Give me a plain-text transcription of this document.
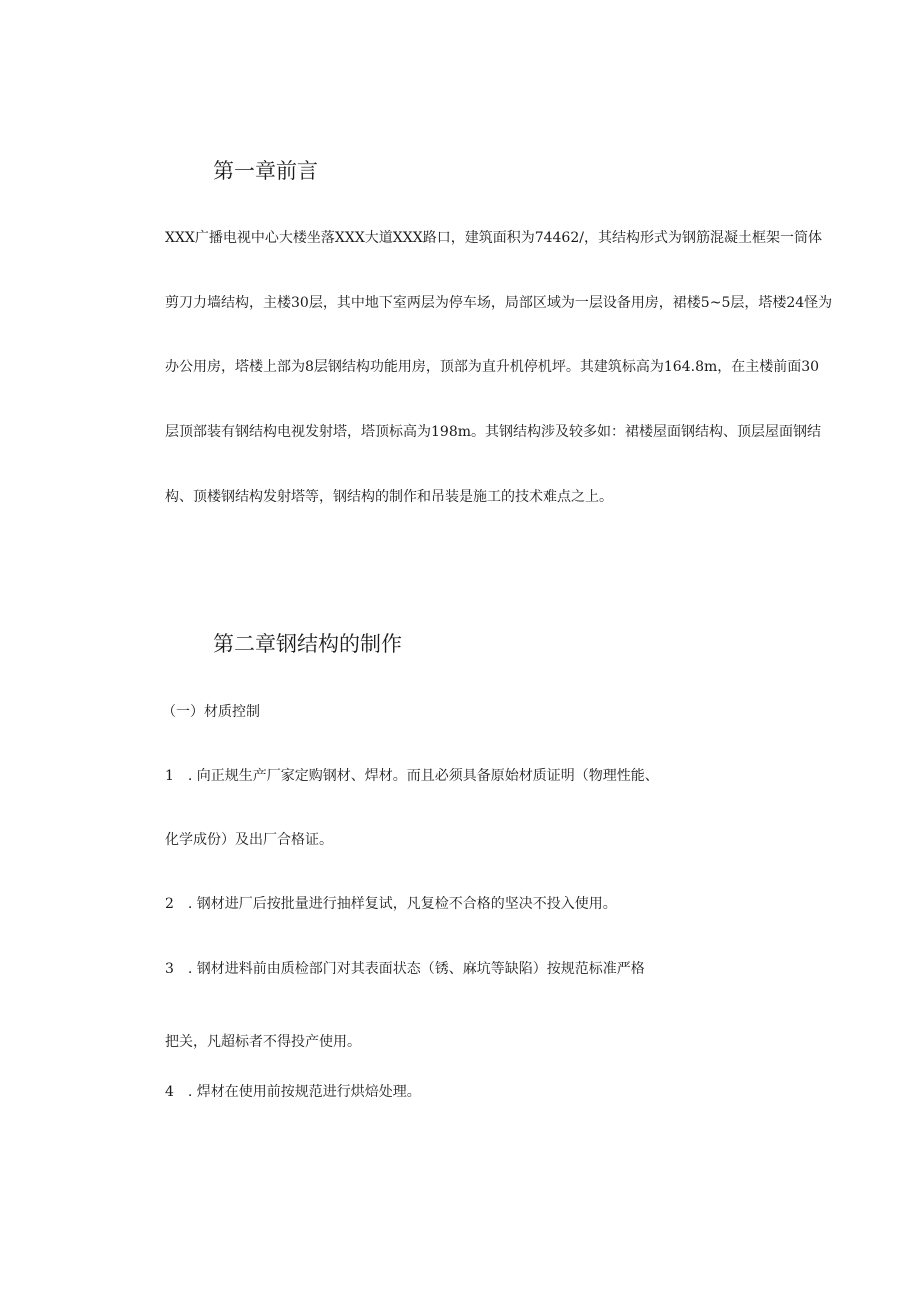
第一章前言
XXX广播电视中心大楼坐落XXX大道XXX路口，建筑面积为74462/，其结构形式为钢筋混凝土框架一筒体
剪刀力墙结构，主楼30层，其中地下室两层为停车场，局部区域为一层设备用房，裙楼5~5层，塔楼24怪为
办公用房，塔楼上部为8层钢结构功能用房，顶部为直升机停机坪。其建筑标高为164.8m，在主楼前面30
层顶部装有钢结构电视发射塔，塔顶标高为198m。其钢结构涉及较多如：裙楼屋面钢结构、顶层屋面钢结
构、顶楼钢结构发射塔等，钢结构的制作和吊装是施工的技术难点之上。
第二章钢结构的制作
（一）材质控制
1　. 向正规生产厂家定购钢材、焊材。而且必须具备原始材质证明（物理性能、
化学成份）及出厂合格证。
2　. 钢材进厂后按批量进行抽样复试，凡复检不合格的坚决不投入使用。
3　. 钢材进料前由质检部门对其表面状态（锈、麻坑等缺陷）按规范标准严格
把关，凡超标者不得投产使用。
4　. 焊材在使用前按规范进行烘焙处理。
